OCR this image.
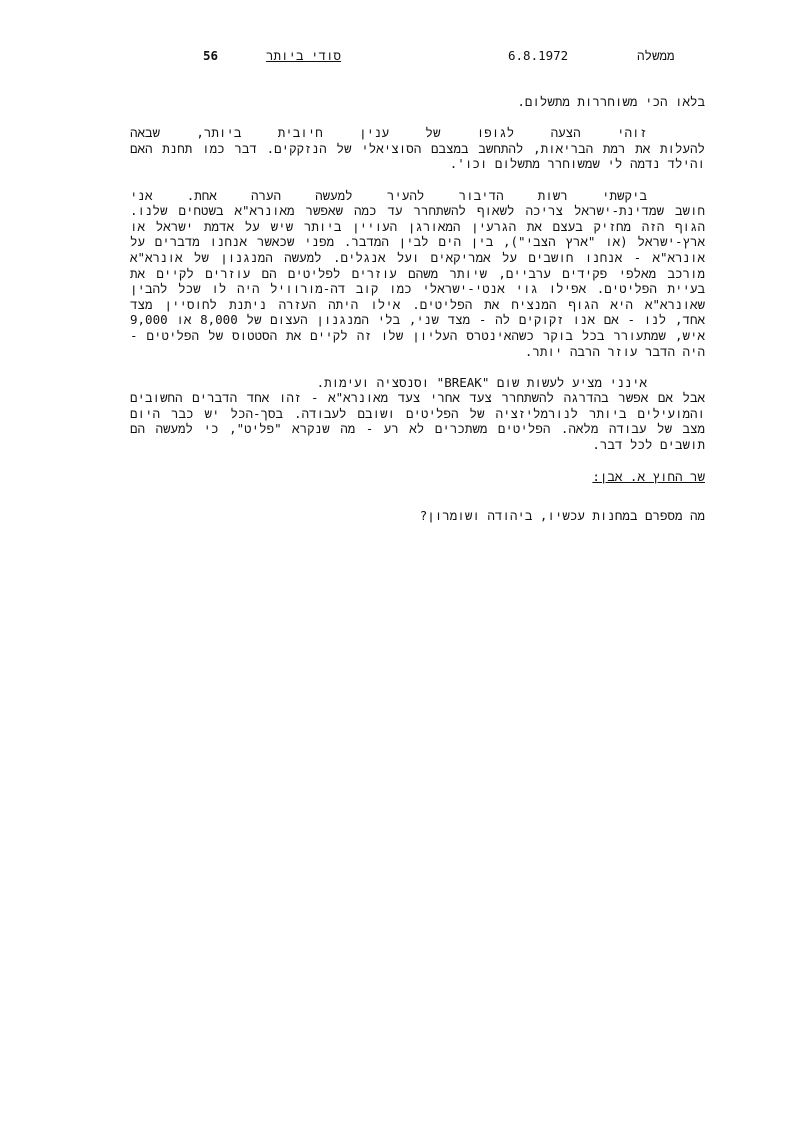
56	סודי ביותר	6.8.1972	ממשלה

בלאו הכי משוחררות מתשלום.

זוהי הצעה לגופו של ענין חיובית ביותר, שבאה
להעלות את רמת הבריאות, להתחשב במצבם הסוציאלי של הנזקקים. דבר כמו תחנת האם
והילד נדמה לי שמשוחרר מתשלום וכו'.

ביקשתי רשות הדיבור להעיר למעשה הערה אחת. אני
חושב שמדינת-ישראל צריכה לשאוף להשתחרר עד כמה שאפשר מאונרא"א בשטחים שלנו.
הגוף הזה מחזיק בעצם את הגרעין המאורגן העויין ביותר שיש על אדמת ישראל או
ארץ-ישראל (או "ארץ הצבי"), בין הים לבין המדבר. מפני שכאשר אנחנו מדברים על
אונרא"א - אנחנו חושבים על אמריקאים ועל אנגלים. למעשה המנגנון של אונרא"א
מורכב מאלפי פקידים ערביים, שיותר משהם עוזרים לפליטים הם עוזרים לקיים את
בעיית הפליטים. אפילו גוי אנטי-ישראלי כמו קוב דה-מורוויל היה לו שכל להבין
שאונרא"א היא הגוף המנציח את הפליטים. אילו היתה העזרה ניתנת לחוסיין מצד
אחד, לנו - אם אנו זקוקים לה - מצד שני, בלי המנגנון העצום של 8,000 או 9,000
איש, שמתעורר בכל בוקר כשהאינטרס העליון שלו זה לקיים את הסטטוס של הפליטים -
היה הדבר עוזר הרבה יותר.

אינני מציע לעשות שום "BREAK" וסנסציה ועימות.
אבל אם אפשר בהדרגה להשתחרר צעד אחרי צעד מאונרא"א - זהו אחד הדברים החשובים
והמועילים ביותר לנורמליזציה של הפליטים ושובם לעבודה. בסך-הכל יש כבר היום
מצב של עבודה מלאה. הפליטים משתכרים לא רע - מה שנקרא "פליט", כי למעשה הם
תושבים לכל דבר.

שר החוץ א. אבן:

מה מספרם במחנות עכשיו, ביהודה ושומרון?
